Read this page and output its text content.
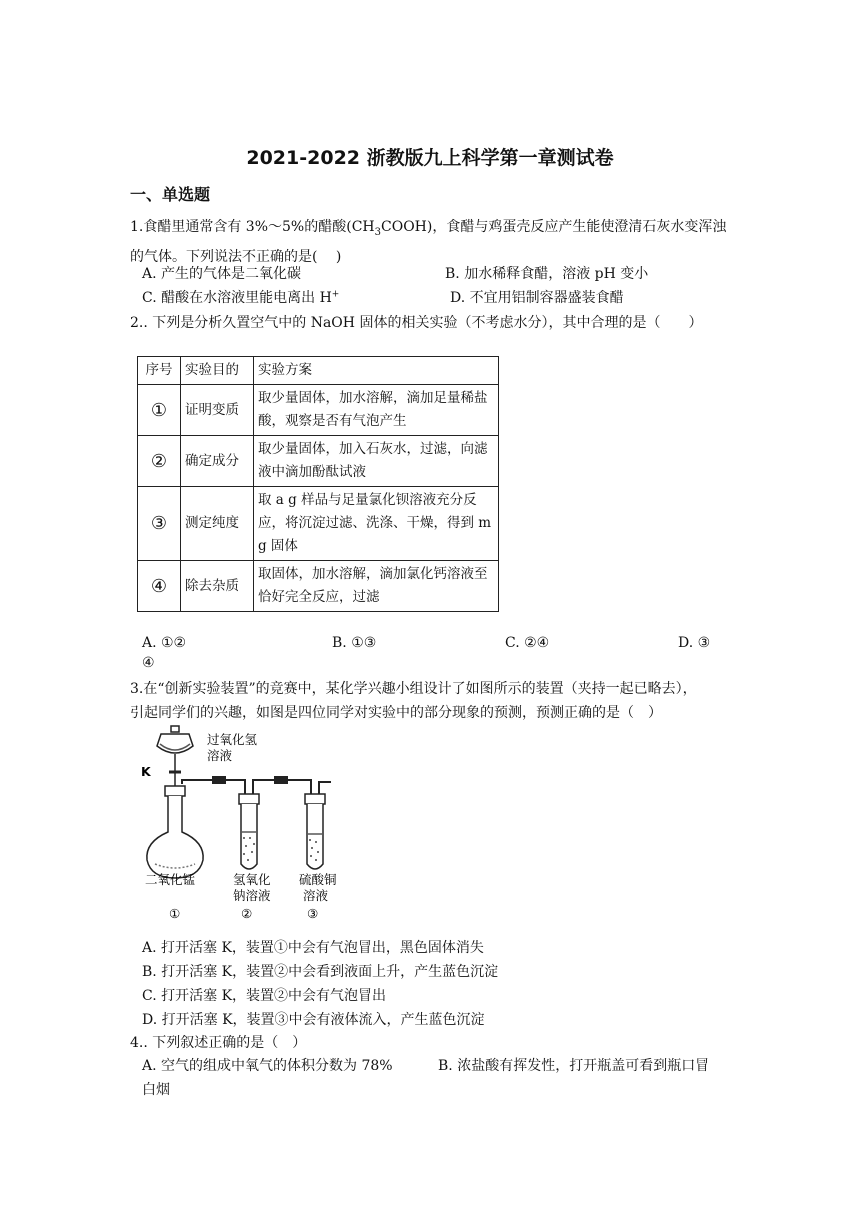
2021-2022 浙教版九上科学第一章测试卷
一、单选题
1.食醋里通常含有 3%～5%的醋酸$(CH_3COOH)$，食醋与鸡蛋壳反应产生能使澄清石灰水变浑浊
的气体。下列说法不正确的是(　 )
A. 产生的气体是二氧化碳	B. 加水稀释食醋，溶液 pH 变小
C. 醋酸在水溶液里能电离出 H+	D. 不宜用铝制容器盛装食醋
2.. 下列是分析久置空气中的 NaOH 固体的相关实验（不考虑水分），其中合理的是（　　）
序号	实验目的	实验方案
①	证明变质	取少量固体，加水溶解，滴加足量稀盐酸，观察是否有气泡产生
②	确定成分	取少量固体，加入石灰水，过滤，向滤液中滴加酚酞试液
③	测定纯度	取 a g 样品与足量氯化钡溶液充分反应，将沉淀过滤、洗涤、干燥，得到 m g 固体
④	除去杂质	取固体，加水溶解，滴加氯化钙溶液至恰好完全反应，过滤
A. ①②	B. ①③	C. ②④	D. ③
④
3.在“创新实验装置”的竞赛中，某化学兴趣小组设计了如图所示的装置（夹持一起已略去），
引起同学们的兴趣，如图是四位同学对实验中的部分现象的预测，预测正确的是（　）
过氧化氢
溶液
K
二氧化锰	氢氧化
钠溶液
硫酸铜
溶液
①	②	③
A. 打开活塞 K，装置①中会有气泡冒出，黑色固体消失
B. 打开活塞 K，装置②中会看到液面上升，产生蓝色沉淀
C. 打开活塞 K，装置②中会有气泡冒出
D. 打开活塞 K，装置③中会有液体流入，产生蓝色沉淀
4.. 下列叙述正确的是（　）
A. 空气的组成中氧气的体积分数为 78%	B. 浓盐酸有挥发性，打开瓶盖可看到瓶口冒
白烟
